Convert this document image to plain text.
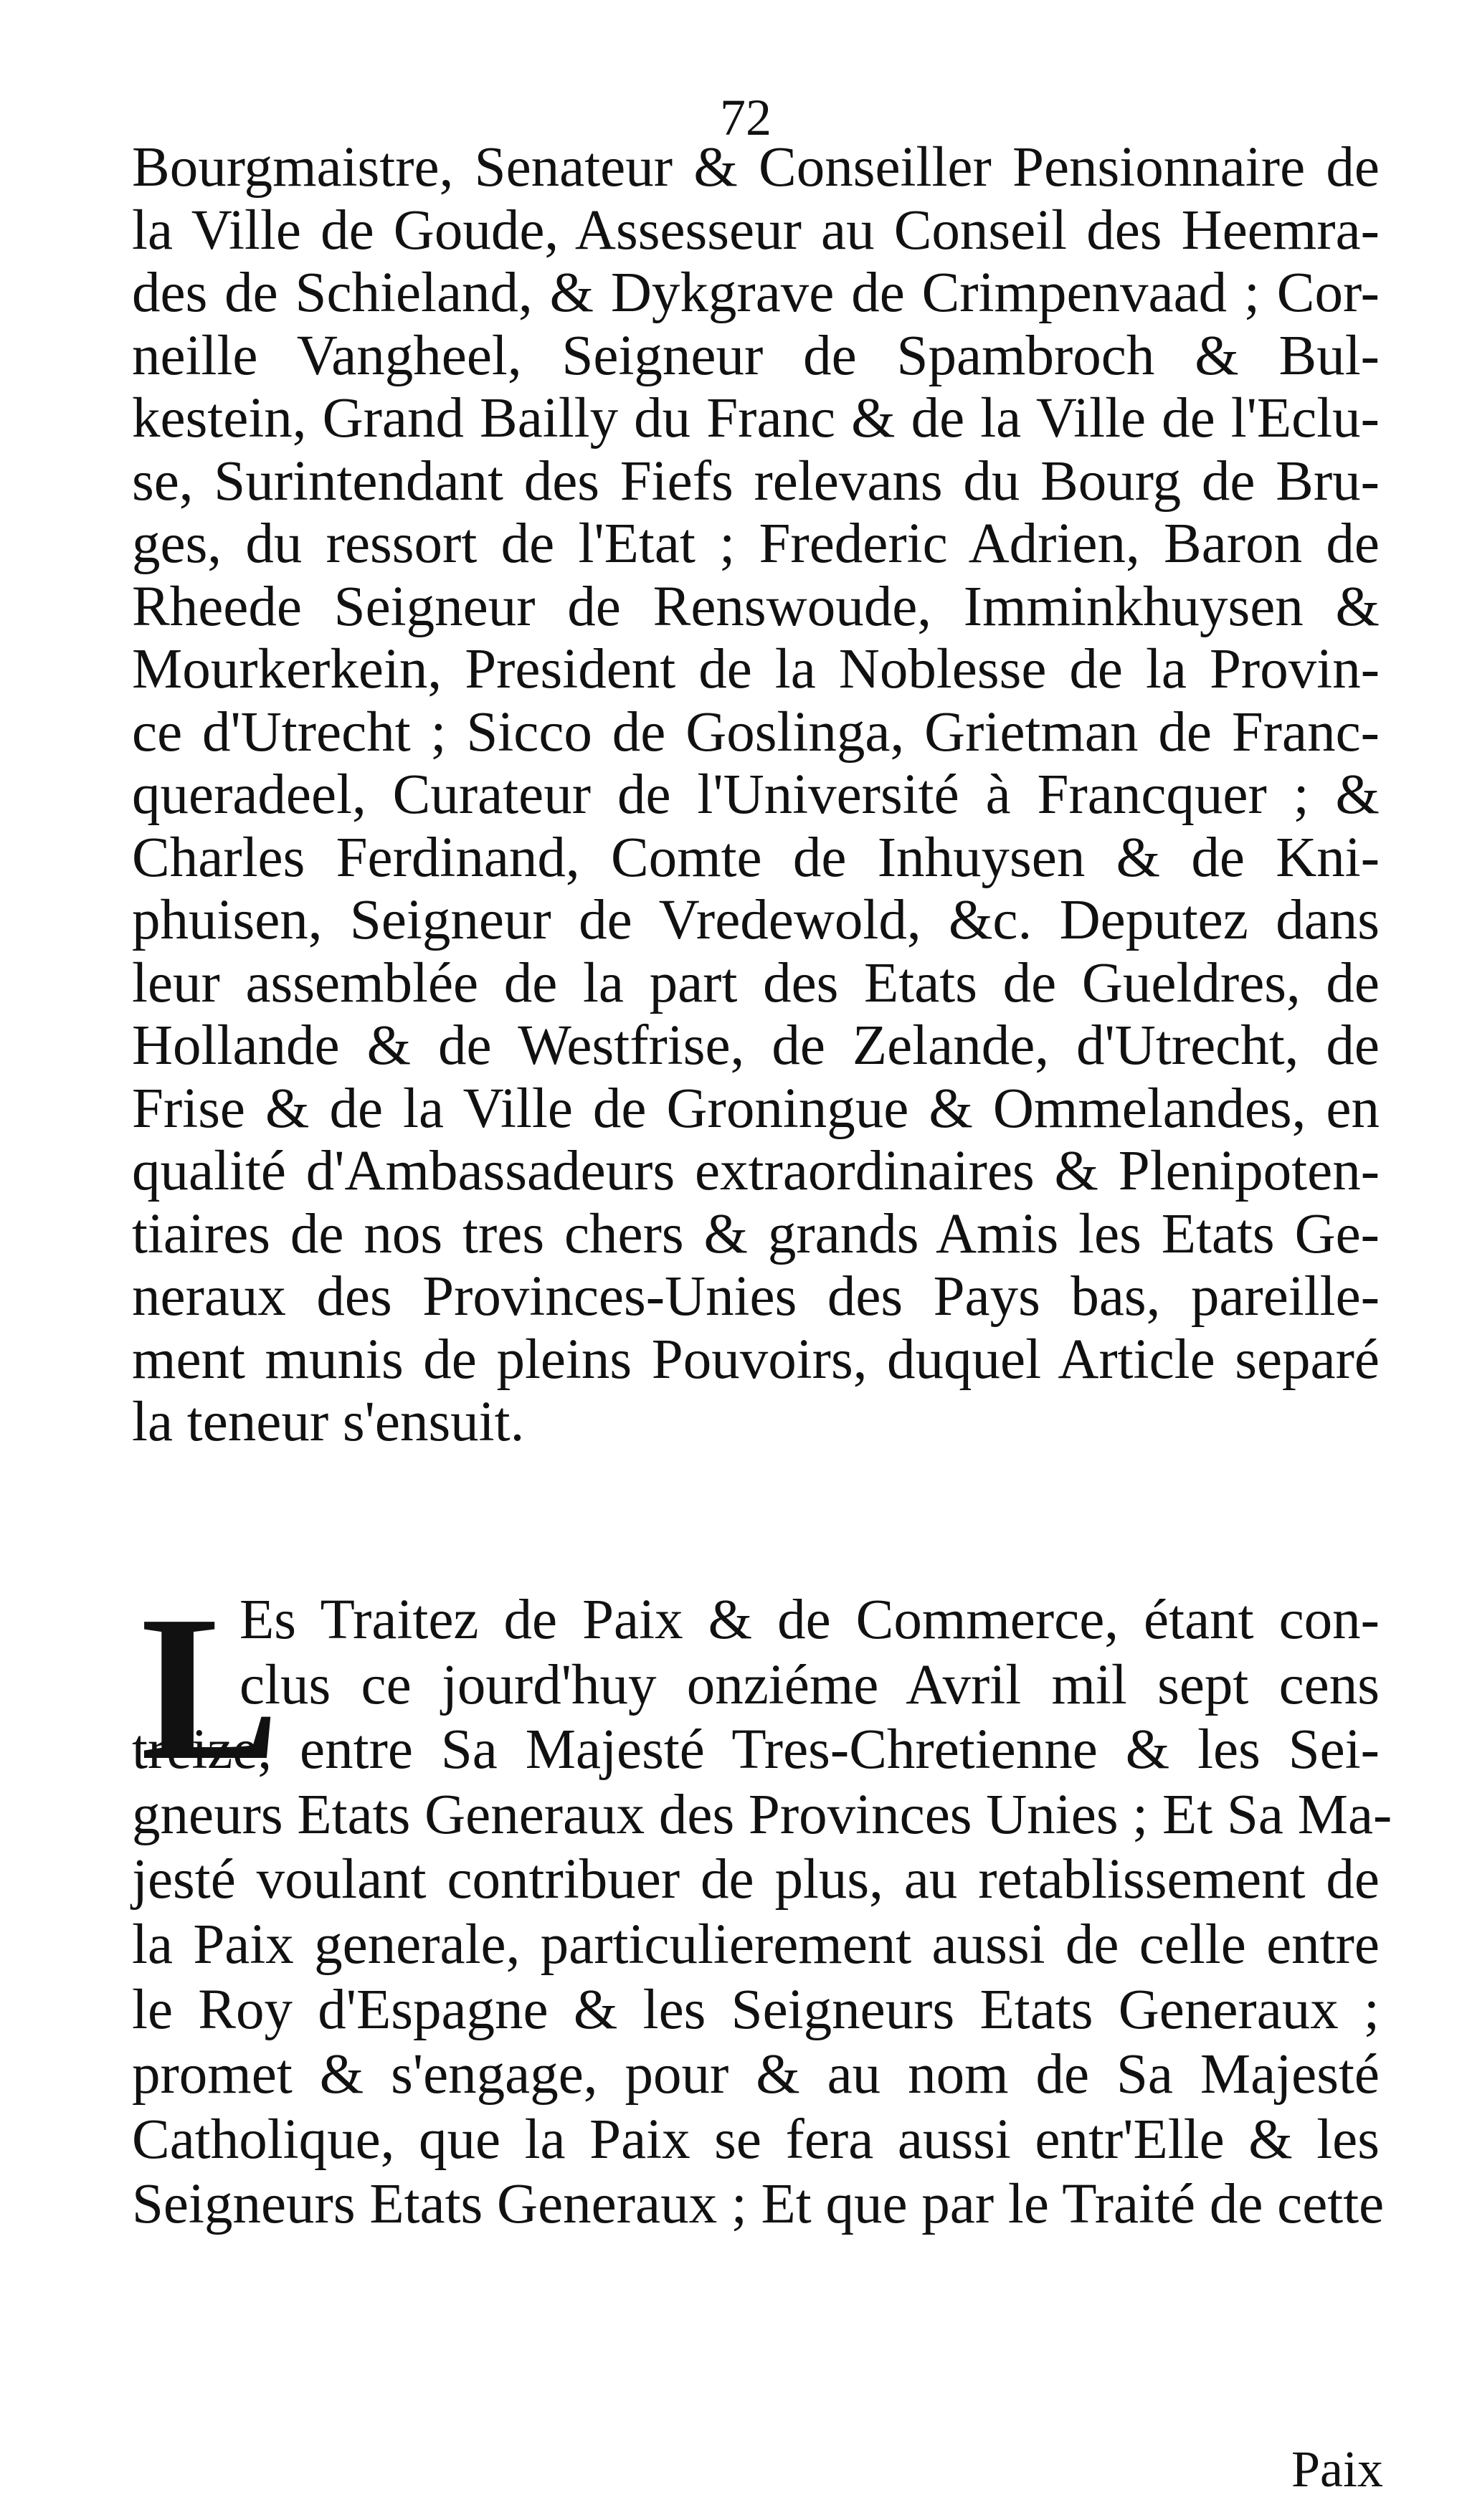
72
Bourgmaistre, Senateur & Conseiller Pensionnaire de
la Ville de Goude, Assesseur au Conseil des Heemra-
des de Schieland, & Dykgrave de Crimpenvaad ; Cor-
neille Vangheel, Seigneur de Spambroch & Bul-
kestein, Grand Bailly du Franc & de la Ville de l'Eclu-
se, Surintendant des Fiefs relevans du Bourg de Bru-
ges, du ressort de l'Etat ; Frederic Adrien, Baron de
Rheede Seigneur de Renswoude, Imminkhuysen &
Mourkerkein, President de la Noblesse de la Provin-
ce d'Utrecht ; Sicco de Goslinga, Grietman de Franc-
queradeel, Curateur de l'Université à Francquer ; &
Charles Ferdinand, Comte de Inhuysen & de Kni-
phuisen, Seigneur de Vredewold, &c. Deputez dans
leur assemblée de la part des Etats de Gueldres, de
Hollande & de Westfrise, de Zelande, d'Utrecht, de
Frise & de la Ville de Groningue & Ommelandes, en
qualité d'Ambassadeurs extraordinaires & Plenipoten-
tiaires de nos tres chers & grands Amis les Etats Ge-
neraux des Provinces-Unies des Pays bas, pareille-
ment munis de pleins Pouvoirs, duquel Article separé
la teneur s'ensuit.
L
Es Traitez de Paix & de Commerce, étant con-
clus ce jourd'huy onziéme Avril mil sept cens
treize, entre Sa Majesté Tres-Chretienne & les Sei-
gneurs Etats Generaux des Provinces Unies ; Et Sa Ma-
jesté voulant contribuer de plus, au retablissement de
la Paix generale, particulierement aussi de celle entre
le Roy d'Espagne & les Seigneurs Etats Generaux ;
promet & s'engage, pour & au nom de Sa Majesté
Catholique, que la Paix se fera aussi entr'Elle & les
Seigneurs Etats Generaux ; Et que par le Traité de cette
Paix
